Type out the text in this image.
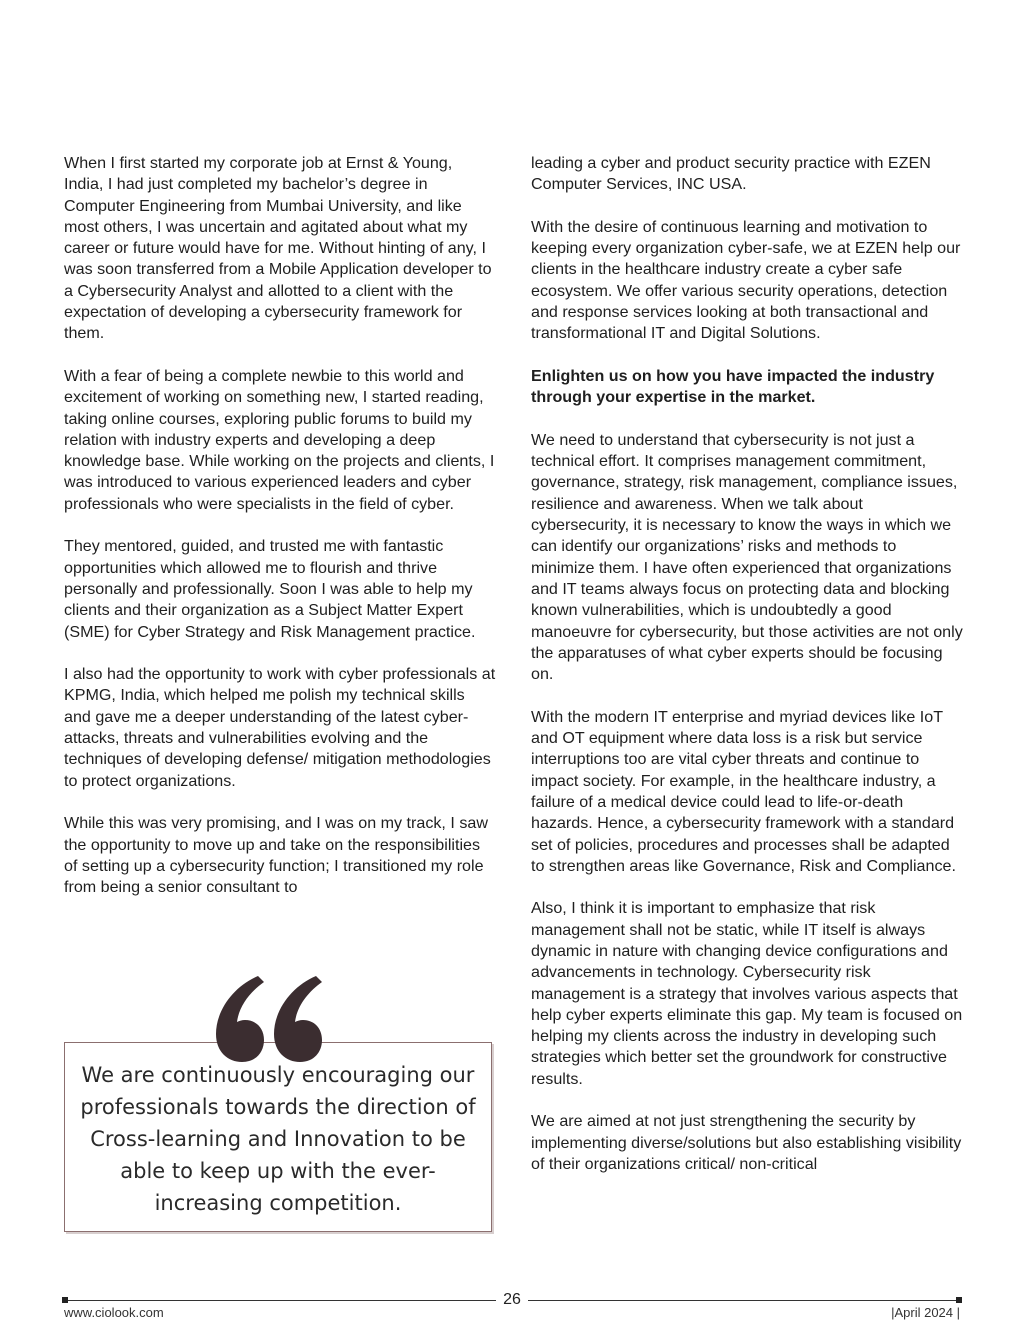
When I first started my corporate job at Ernst & Young, India, I had just completed my bachelor’s degree in Computer Engineering from Mumbai University, and like most others, I was uncertain and agitated about what my career or future would have for me. Without hinting of any, I was soon transferred from a Mobile Application developer to a Cybersecurity Analyst and allotted to a client with the expectation of developing a cybersecurity framework for them.

With a fear of being a complete newbie to this world and excitement of working on something new, I started reading, taking online courses, exploring public forums to build my relation with industry experts and developing a deep knowledge base. While working on the projects and clients, I was introduced to various experienced leaders and cyber professionals who were specialists in the field of cyber.

They mentored, guided, and trusted me with fantastic opportunities which allowed me to flourish and thrive personally and professionally. Soon I was able to help my clients and their organization as a Subject Matter Expert (SME) for Cyber Strategy and Risk Management practice.

I also had the opportunity to work with cyber professionals at KPMG, India, which helped me polish my technical skills and gave me a deeper understanding of the latest cyber-attacks, threats and vulnerabilities evolving and the techniques of developing defense/ mitigation methodologies to protect organizations.

While this was very promising, and I was on my track, I saw the opportunity to move up and take on the responsibilities of setting up a cybersecurity function; I transitioned my role from being a senior consultant to

We are continuously encouraging our professionals towards the direction of Cross-learning and Innovation to be able to keep up with the ever-increasing competition.

leading a cyber and product security practice with EZEN Computer Services, INC USA.

With the desire of continuous learning and motivation to keeping every organization cyber-safe, we at EZEN help our clients in the healthcare industry create a cyber safe ecosystem. We offer various security operations, detection and response services looking at both transactional and transformational IT and Digital Solutions.

Enlighten us on how you have impacted the industry through your expertise in the market.

We need to understand that cybersecurity is not just a technical effort. It comprises management commitment, governance, strategy, risk management, compliance issues, resilience and awareness. When we talk about cybersecurity, it is necessary to know the ways in which we can identify our organizations’ risks and methods to minimize them. I have often experienced that organizations and IT teams always focus on protecting data and blocking known vulnerabilities, which is undoubtedly a good manoeuvre for cybersecurity, but those activities are not only the apparatuses of what cyber experts should be focusing on.

With the modern IT enterprise and myriad devices like IoT and OT equipment where data loss is a risk but service interruptions too are vital cyber threats and continue to impact society. For example, in the healthcare industry, a failure of a medical device could lead to life-or-death hazards. Hence, a cybersecurity framework with a standard set of policies, procedures and processes shall be adapted to strengthen areas like Governance, Risk and Compliance.

Also, I think it is important to emphasize that risk management shall not be static, while IT itself is always dynamic in nature with changing device configurations and advancements in technology. Cybersecurity risk management is a strategy that involves various aspects that help cyber experts eliminate this gap. My team is focused on helping my clients across the industry in developing such strategies which better set the groundwork for constructive results.

We are aimed at not just strengthening the security by implementing diverse/solutions but also establishing visibility of their organizations critical/ non-critical

26
www.ciolook.com	|April 2024 |
